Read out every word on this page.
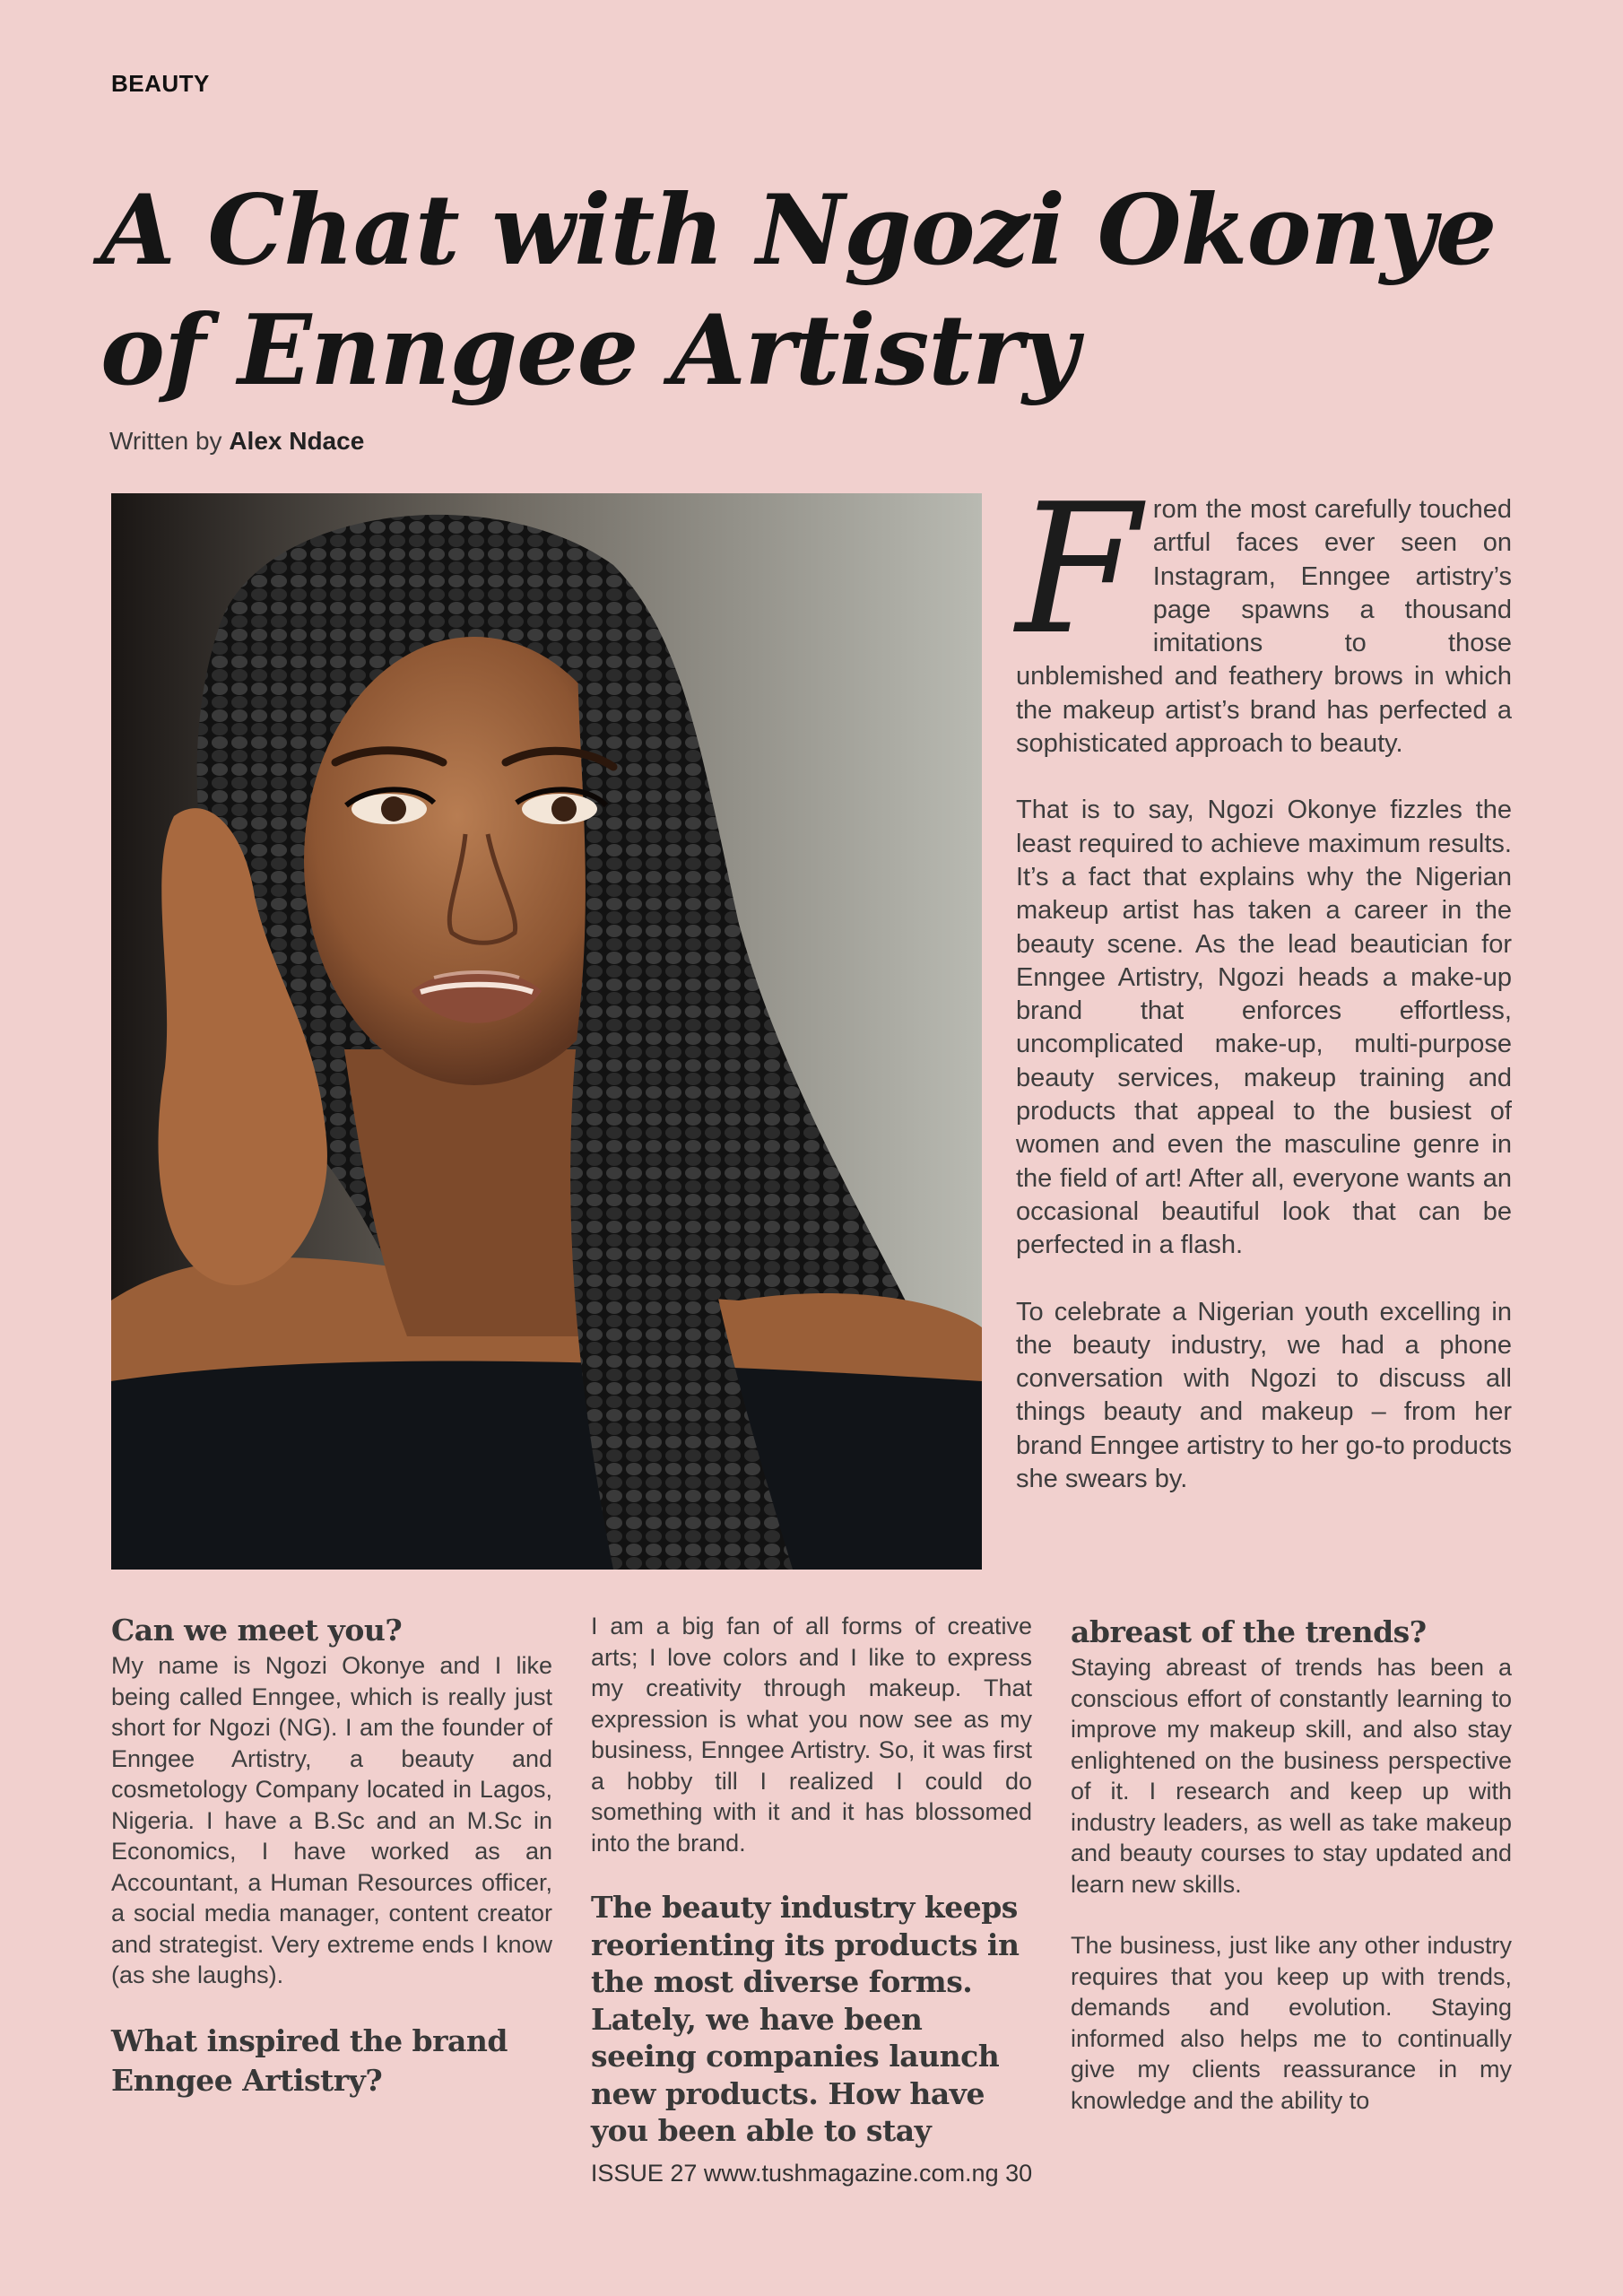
BEAUTY
A Chat with Ngozi Okonye
of Enngee Artistry
Written by Alex Ndace

From the most carefully touched artful faces ever seen on Instagram, Enngee artistry’s page spawns a thousand imitations to those unblemished and feathery brows in which the makeup artist’s brand has perfected a sophisticated approach to beauty.

That is to say, Ngozi Okonye fizzles the least required to achieve maximum results. It’s a fact that explains why the Nigerian makeup artist has taken a career in the beauty scene. As the lead beautician for Enngee Artistry, Ngozi heads a make-up brand that enforces effortless, uncomplicated make-up, multi-purpose beauty services, makeup training and products that appeal to the busiest of women and even the masculine genre in the field of art! After all, everyone wants an occasional beautiful look that can be perfected in a flash.

To celebrate a Nigerian youth excelling in the beauty industry, we had a phone conversation with Ngozi to discuss all things beauty and makeup – from her brand Enngee artistry to her go-to products she swears by.

Can we meet you?

My name is Ngozi Okonye and I like being called Enngee, which is really just short for Ngozi (NG). I am the founder of Enngee Artistry, a beauty and cosmetology Company located in Lagos, Nigeria. I have a B.Sc and an M.Sc in Economics, I have worked as an Accountant, a Human Resources officer, a social media manager, content creator and strategist. Very extreme ends I know (as she laughs).

What inspired the brand Enngee Artistry?

I am a big fan of all forms of creative arts; I love colors and I like to express my creativity through makeup. That expression is what you now see as my business, Enngee Artistry. So, it was first a hobby till I realized I could do something with it and it has blossomed into the brand.

The beauty industry keeps reorienting its products in the most diverse forms. Lately, we have been seeing companies launch new products. How have you been able to stay
abreast of the trends?

Staying abreast of trends has been a conscious effort of constantly learning to improve my makeup skill, and also stay enlightened on the business perspective of it. I research and keep up with industry leaders, as well as take makeup and beauty courses to stay updated and learn new skills.

The business, just like any other industry requires that you keep up with trends, demands and evolution. Staying informed also helps me to continually give my clients reassurance in my knowledge and the ability to

ISSUE 27 www.tushmagazine.com.ng 30
